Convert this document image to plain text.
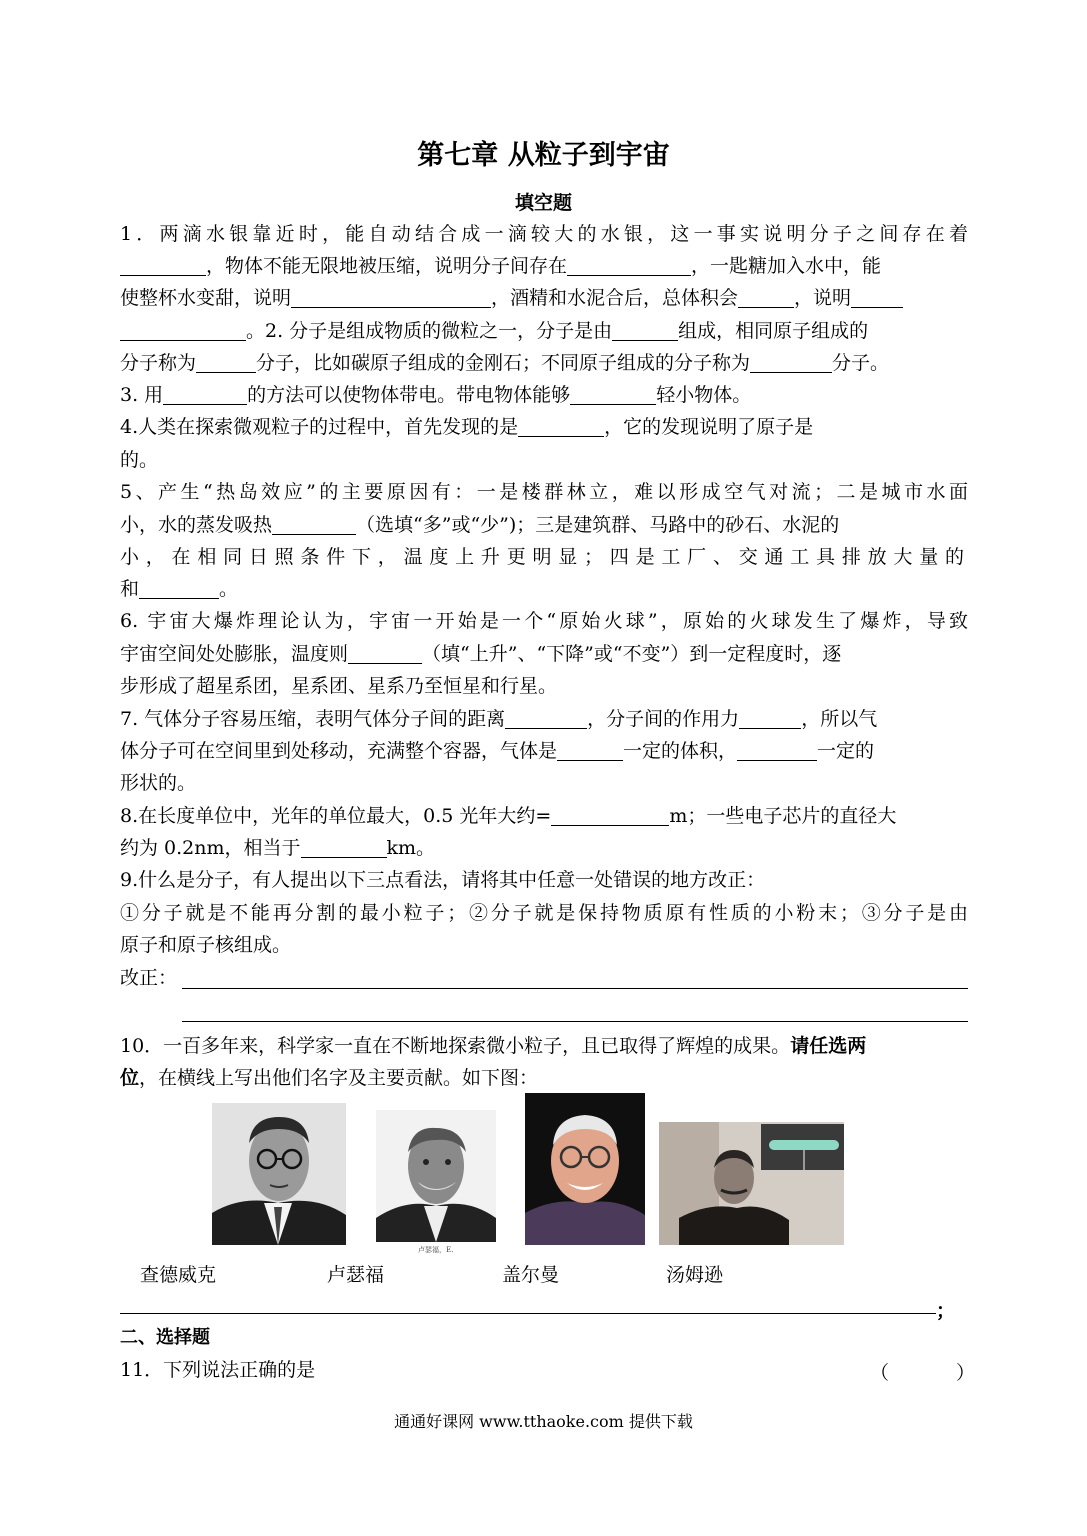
第七章 从粒子到宇宙
填空题
1．两滴水银靠近时，能自动结合成一滴较大的水银，这一事实说明分子之间存在着
，物体不能无限地被压缩，说明分子间存在	，一匙糖加入水中，能
使整杯水变甜，说明	，酒精和水泥合后，总体积会	，说明
。2. 分子是组成物质的微粒之一，分子是由	组成，相同原子组成的
分子称为	分子，比如碳原子组成的金刚石；不同原子组成的分子称为	分子。
3. 用	的方法可以使物体带电。带电物体能够	轻小物体。
4.人类在探索微观粒子的过程中，首先发现的是	，它的发现说明了原子是
的。
5、产生“热岛效应”的主要原因有：一是楼群林立，难以形成空气对流；二是城市水面
小，水的蒸发吸热	（选填“多”或“少”)；三是建筑群、马路中的砂石、水泥的
小，在相同日照条件下，温度上升更明显；四是工厂、交通工具排放大量的
和	。
6. 宇宙大爆炸理论认为，宇宙一开始是一个“原始火球”，原始的火球发生了爆炸，导致
宇宙空间处处膨胀，温度则	（填“上升”、“下降”或“不变”）到一定程度时，逐
步形成了超星系团，星系团、星系乃至恒星和行星。
7. 气体分子容易压缩，表明气体分子间的距离	，分子间的作用力	，所以气
体分子可在空间里到处移动，充满整个容器，气体是	一定的体积，	一定的
形状的。
8.在长度单位中，光年的单位最大，0.5 光年大约=	m；一些电子芯片的直径大
约为 0.2nm，相当于	km。
9.什么是分子，有人提出以下三点看法，请将其中任意一处错误的地方改正：
①分子就是不能再分割的最小粒子；②分子就是保持物质原有性质的小粉末；③分子是由
原子和原子核组成。
改正：
10．一百多年来，科学家一直在不断地探索微小粒子，且已取得了辉煌的成果。请任选两
位，在横线上写出他们名字及主要贡献。如下图：
卢瑟福，E.
查德威克	卢瑟福	盖尔曼	汤姆逊
；
二、选择题
11．下列说法正确的是	（	）
通通好课网 www.tthaoke.com 提供下载
